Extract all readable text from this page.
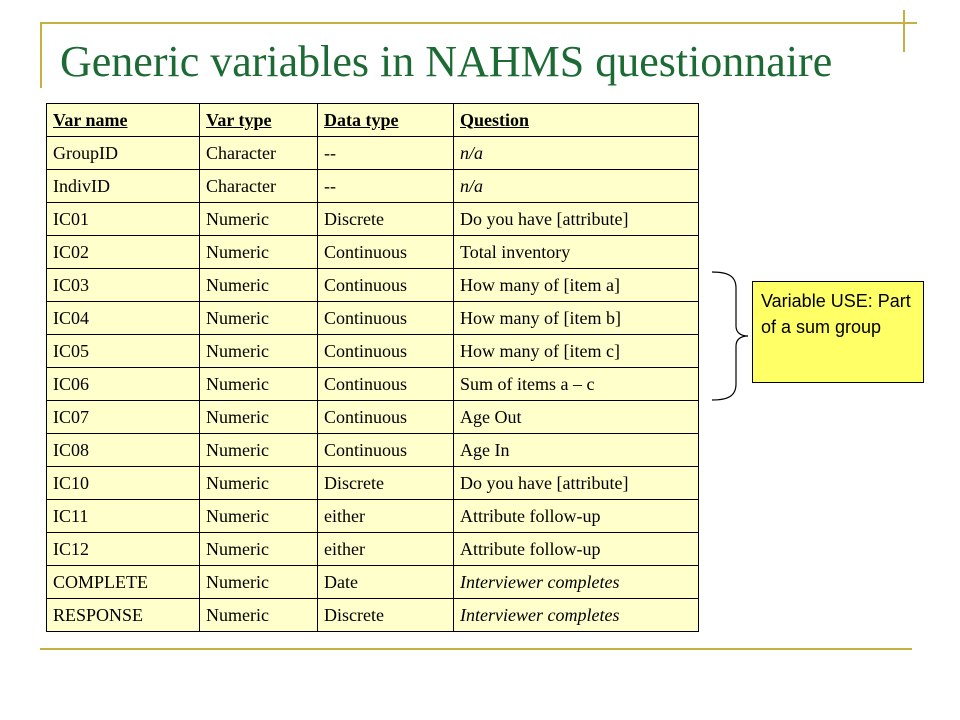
Generic variables in NAHMS questionnaire
Var name	Var type	Data type	Question
GroupID	Character	--	n/a
IndivID	Character	--	n/a
IC01	Numeric	Discrete	Do you have [attribute]
IC02	Numeric	Continuous	Total inventory
IC03	Numeric	Continuous	How many of [item a]
IC04	Numeric	Continuous	How many of [item b]
IC05	Numeric	Continuous	How many of [item c]
IC06	Numeric	Continuous	Sum of items a – c
IC07	Numeric	Continuous	Age Out
IC08	Numeric	Continuous	Age In
IC10	Numeric	Discrete	Do you have [attribute]
IC11	Numeric	either	Attribute follow-up
IC12	Numeric	either	Attribute follow-up
COMPLETE	Numeric	Date	Interviewer completes
RESPONSE	Numeric	Discrete	Interviewer completes
Variable USE: Part of a sum group
